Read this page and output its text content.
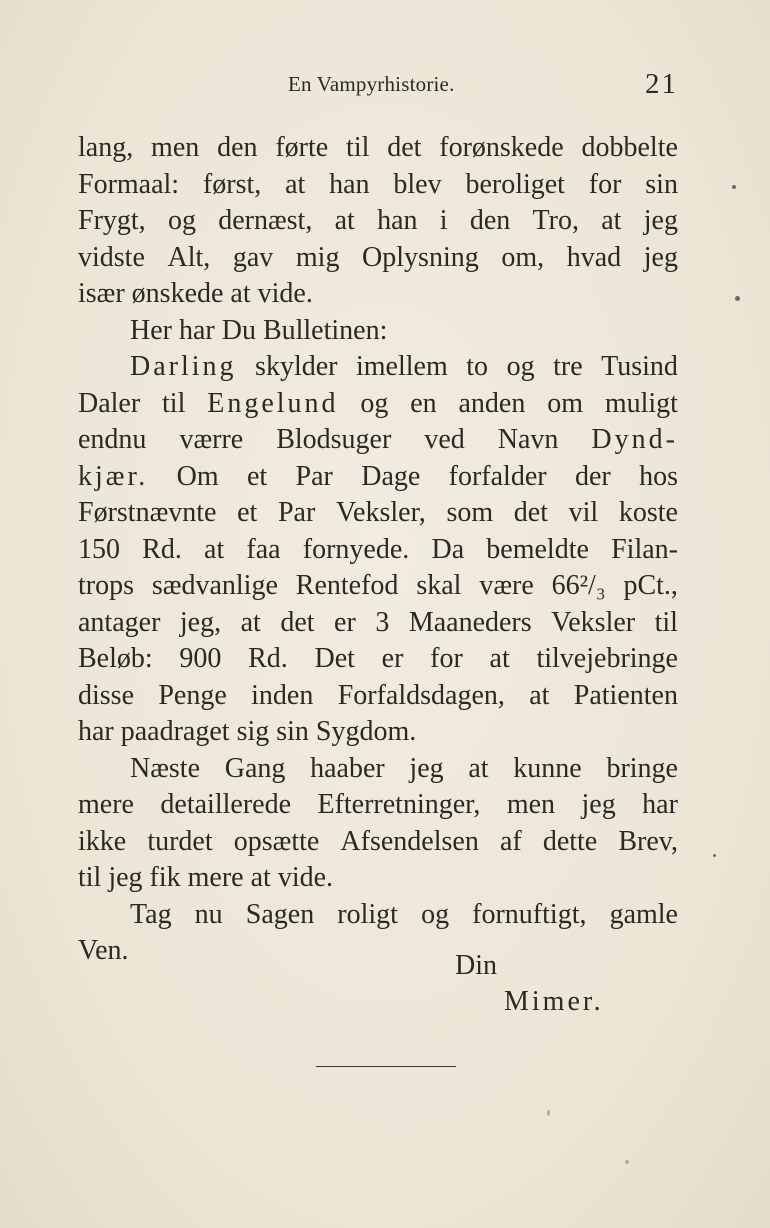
En Vampyrhistorie.	21
lang, men den førte til det forønskede dobbelte
Formaal: først, at han blev beroliget for sin
Frygt, og dernæst, at han i den Tro, at jeg
vidste Alt, gav mig Oplysning om, hvad jeg
især ønskede at vide.
Her har Du Bulletinen:
Darling skylder imellem to og tre Tusind
Daler til Engelund og en anden om muligt
endnu værre Blodsuger ved Navn Dynd-
kjær. Om et Par Dage forfalder der hos
Førstnævnte et Par Veksler, som det vil koste
150 Rd. at faa fornyede. Da bemeldte Filan-
trops sædvanlige Rentefod skal være 66²/₃ pCt.,
antager jeg, at det er 3 Maaneders Veksler til
Beløb: 900 Rd. Det er for at tilvejebringe
disse Penge inden Forfaldsdagen, at Patienten
har paadraget sig sin Sygdom.
Næste Gang haaber jeg at kunne bringe
mere detaillerede Efterretninger, men jeg har
ikke turdet opsætte Afsendelsen af dette Brev,
til jeg fik mere at vide.
Tag nu Sagen roligt og fornuftigt, gamle
Ven.	Din
Mimer.
